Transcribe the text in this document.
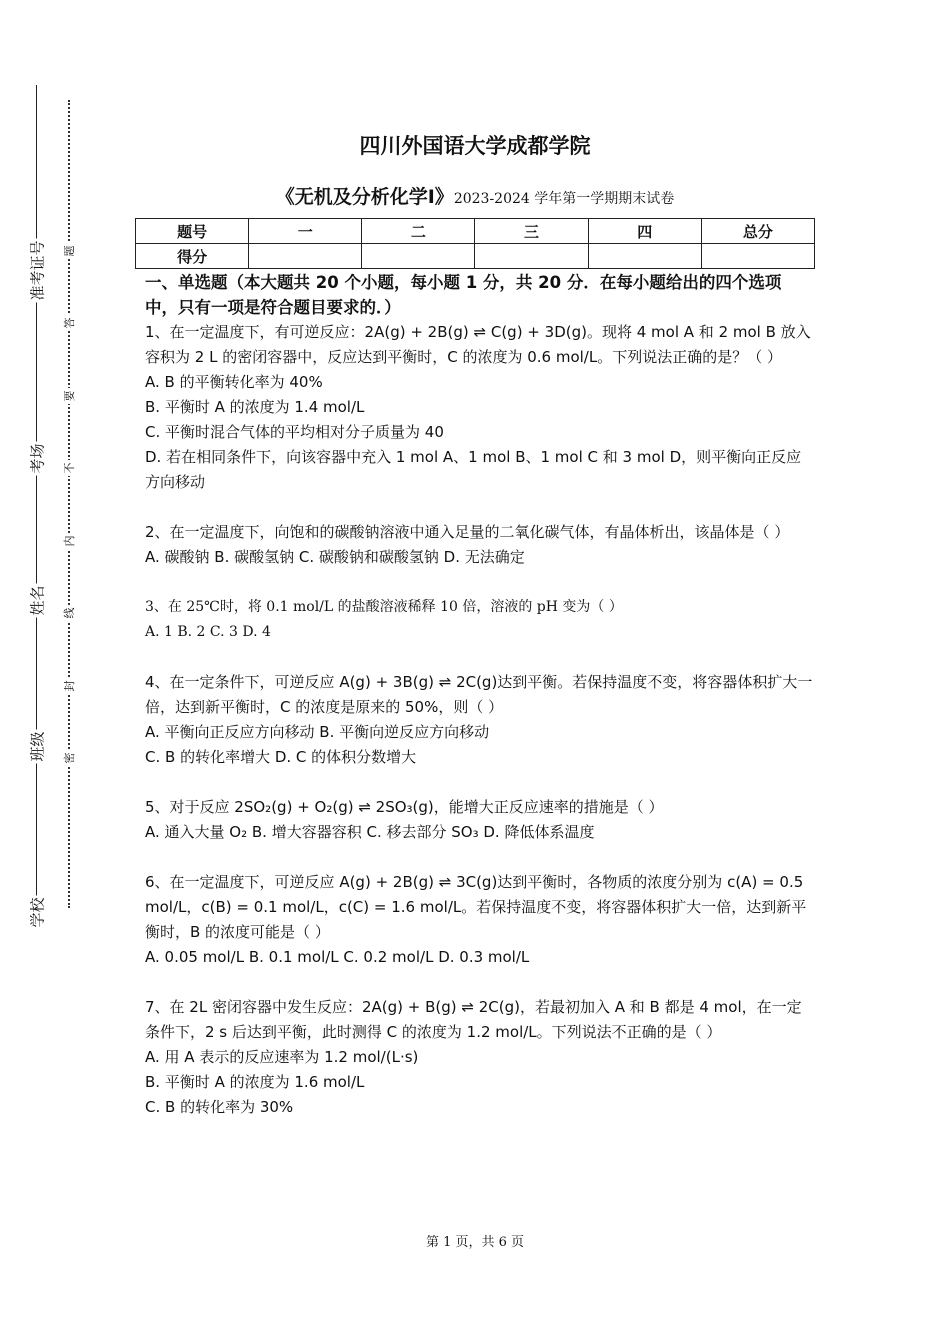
准考证号
考场
姓名
班级
学校
题
答
要
不
内
线
封
密
四川外国语大学成都学院
《无机及分析化学Ⅰ》2023-2024 学年第一学期期末试卷
题号	一	二	三	四	总分
得分					
一、单选题（本大题共 20 个小题，每小题 1 分，共 20 分．在每小题给出的四个选项中，只有一项是符合题目要求的．）

1、在一定温度下，有可逆反应：2A(g) + 2B(g) ⇌ C(g) + 3D(g)。现将 4 mol A 和 2 mol B 放入容积为 2 L 的密闭容器中，反应达到平衡时，C 的浓度为 0.6 mol/L。下列说法正确的是？（ ）

A. B 的平衡转化率为 40%

B. 平衡时 A 的浓度为 1.4 mol/L

C. 平衡时混合气体的平均相对分子质量为 40

D. 若在相同条件下，向该容器中充入 1 mol A、1 mol B、1 mol C 和 3 mol D，则平衡向正反应方向移动

2、在一定温度下，向饱和的碳酸钠溶液中通入足量的二氧化碳气体，有晶体析出，该晶体是（ ）

A. 碳酸钠 B. 碳酸氢钠 C. 碳酸钠和碳酸氢钠 D. 无法确定

3、在 25℃时，将 0.1 mol/L 的盐酸溶液稀释 10 倍，溶液的 pH 变为（ ）

A. 1 B. 2 C. 3 D. 4

4、在一定条件下，可逆反应 A(g) + 3B(g) ⇌ 2C(g)达到平衡。若保持温度不变，将容器体积扩大一倍，达到新平衡时，C 的浓度是原来的 50%，则（ ）

A. 平衡向正反应方向移动 B. 平衡向逆反应方向移动

C. B 的转化率增大 D. C 的体积分数增大

5、对于反应 2SO₂(g) + O₂(g) ⇌ 2SO₃(g)，能增大正反应速率的措施是（ ）

A. 通入大量 O₂ B. 增大容器容积 C. 移去部分 SO₃ D. 降低体系温度

6、在一定温度下，可逆反应 A(g) + 2B(g) ⇌ 3C(g)达到平衡时，各物质的浓度分别为 c(A) = 0.5 mol/L，c(B) = 0.1 mol/L，c(C) = 1.6 mol/L。若保持温度不变，将容器体积扩大一倍，达到新平衡时，B 的浓度可能是（ ）

A. 0.05 mol/L B. 0.1 mol/L C. 0.2 mol/L D. 0.3 mol/L

7、在 2L 密闭容器中发生反应：2A(g) + B(g) ⇌ 2C(g)，若最初加入 A 和 B 都是 4 mol，在一定条件下，2 s 后达到平衡，此时测得 C 的浓度为 1.2 mol/L。下列说法不正确的是（ ）

A. 用 A 表示的反应速率为 1.2 mol/(L·s)

B. 平衡时 A 的浓度为 1.6 mol/L

C. B 的转化率为 30%

第 1 页，共 6 页
